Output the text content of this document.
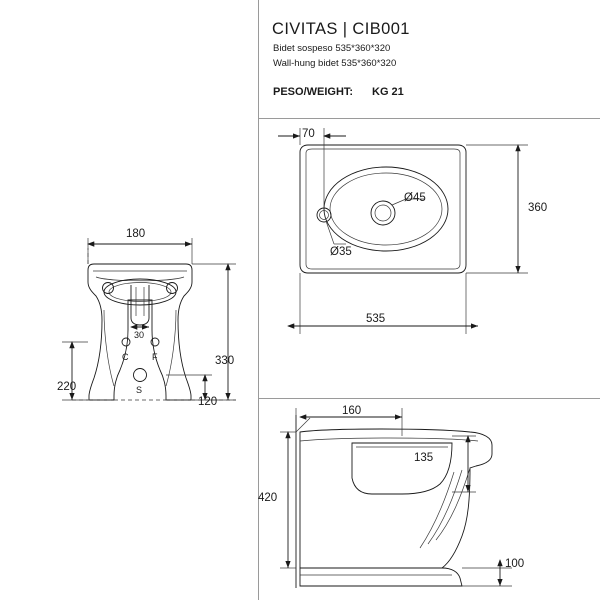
CIVITAS | CIB001
Bidet sospeso 535*360*320
Wall-hung bidet 535*360*320
PESO/WEIGHT: KG 21
180
30
330
220
120
C	F
S
70
Ø45
Ø35
360
535
160
135
420
100
